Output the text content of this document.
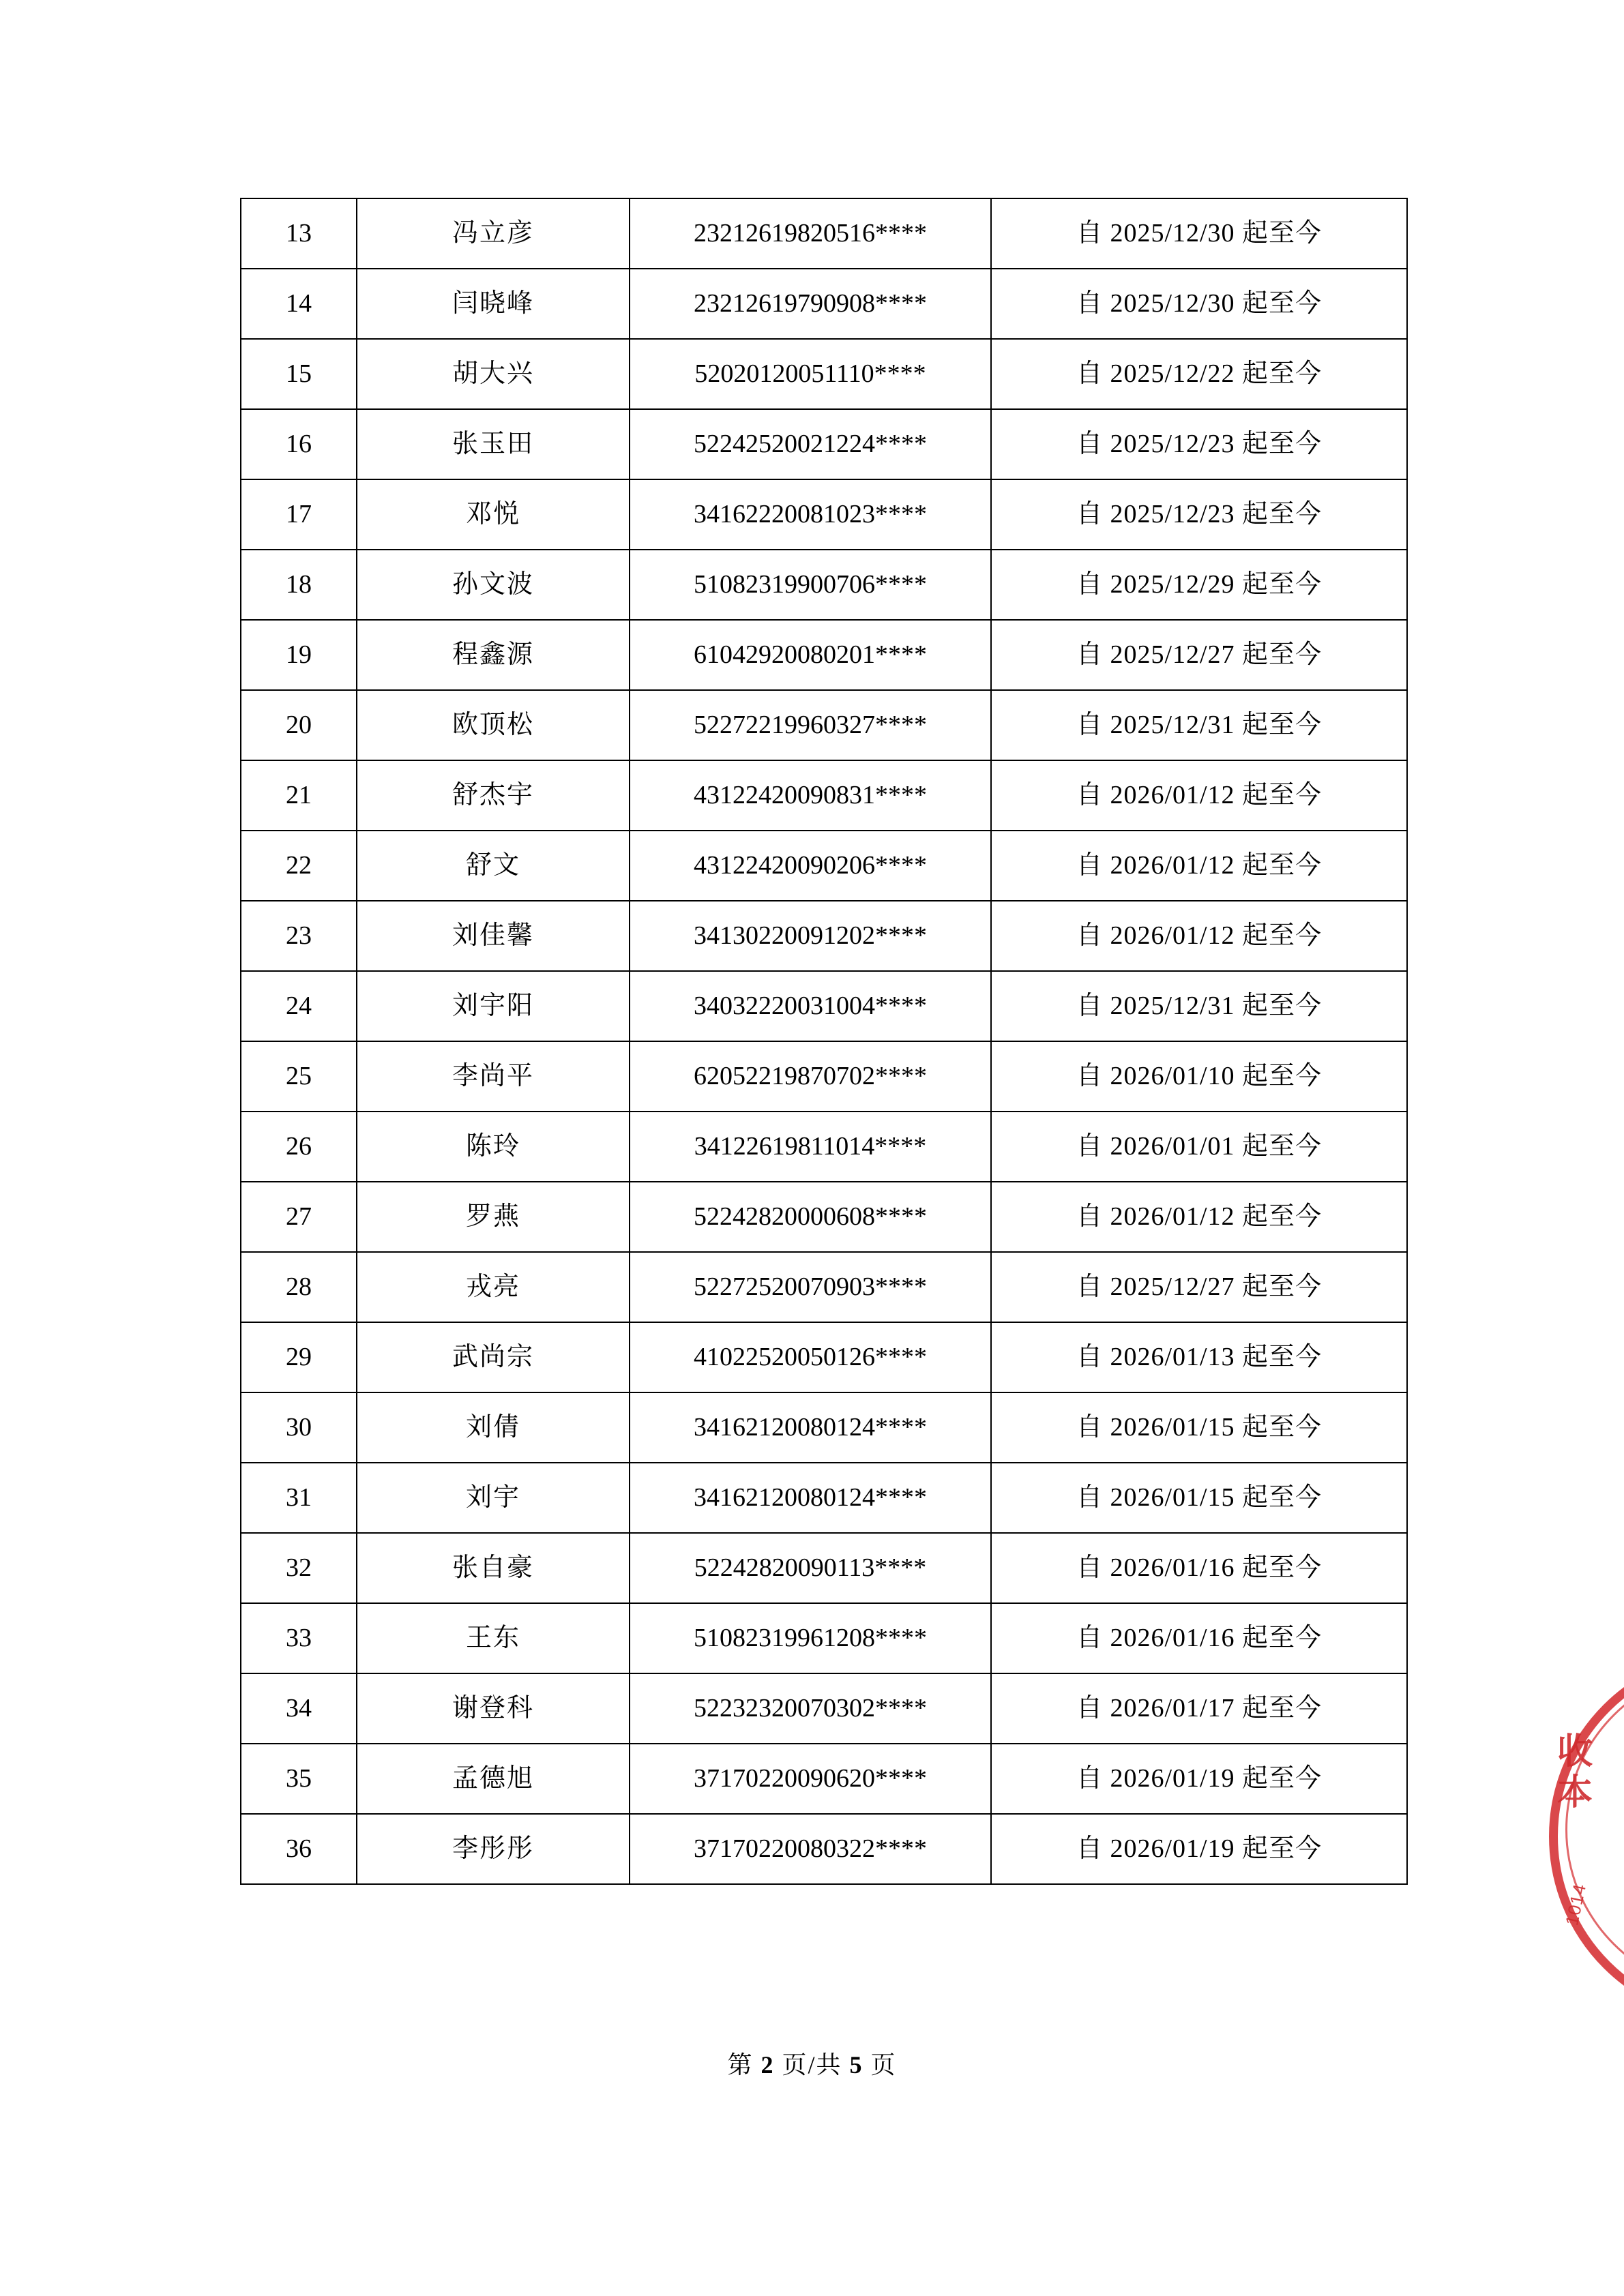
13	冯立彦	23212619820516****	自 2025/12/30 起至今
14	闫晓峰	23212619790908****	自 2025/12/30 起至今
15	胡大兴	52020120051110****	自 2025/12/22 起至今
16	张玉田	52242520021224****	自 2025/12/23 起至今
17	邓悦	34162220081023****	自 2025/12/23 起至今
18	孙文波	51082319900706****	自 2025/12/29 起至今
19	程鑫源	61042920080201****	自 2025/12/27 起至今
20	欧顶松	52272219960327****	自 2025/12/31 起至今
21	舒杰宇	43122420090831****	自 2026/01/12 起至今
22	舒文	43122420090206****	自 2026/01/12 起至今
23	刘佳馨	34130220091202****	自 2026/01/12 起至今
24	刘宇阳	34032220031004****	自 2025/12/31 起至今
25	李尚平	62052219870702****	自 2026/01/10 起至今
26	陈玲	34122619811014****	自 2026/01/01 起至今
27	罗燕	52242820000608****	自 2026/01/12 起至今
28	戎亮	52272520070903****	自 2025/12/27 起至今
29	武尚宗	41022520050126****	自 2026/01/13 起至今
30	刘倩	34162120080124****	自 2026/01/15 起至今
31	刘宇	34162120080124****	自 2026/01/15 起至今
32	张自豪	52242820090113****	自 2026/01/16 起至今
33	王东	51082319961208****	自 2026/01/16 起至今
34	谢登科	52232320070302****	自 2026/01/17 起至今
35	孟德旭	37170220090620****	自 2026/01/19 起至今
36	李彤彤	37170220080322****	自 2026/01/19 起至今
第 2 页/共 5 页
收 本
1014
